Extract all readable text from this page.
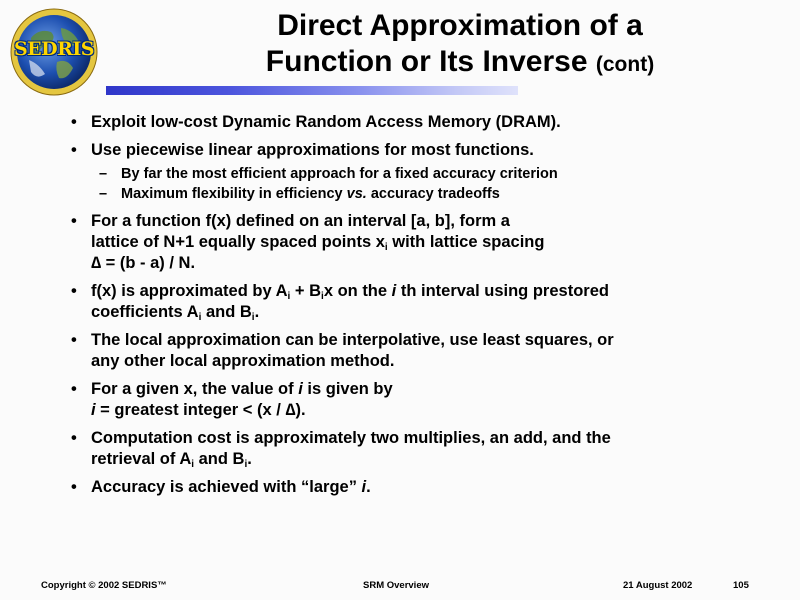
SEDRIS
Direct Approximation of a
Function or Its Inverse (cont)
• Exploit low-cost Dynamic Random Access Memory (DRAM).
• Use piecewise linear approximations for most functions.
– By far the most efficient approach for a fixed accuracy criterion
– Maximum flexibility in efficiency vs. accuracy tradeoffs
• For a function f(x) defined on an interval [a, b], form a
lattice of N+1 equally spaced points $x_i$ with lattice spacing
∆ = (b - a) / N.
• f(x) is approximated by $A_i + B_ix$ on the i th interval using prestored
coefficients $A_i$ and $B_i$.
• The local approximation can be interpolative, use least squares, or
any other local approximation method.
• For a given x, the value of i is given by
i = greatest integer < (x / ∆).
• Computation cost is approximately two multiplies, an add, and the
retrieval of $A_i$ and $B_i$.
• Accuracy is achieved with “large” i.
Copyright © 2002 SEDRIS™	SRM Overview	21 August 2002	105
